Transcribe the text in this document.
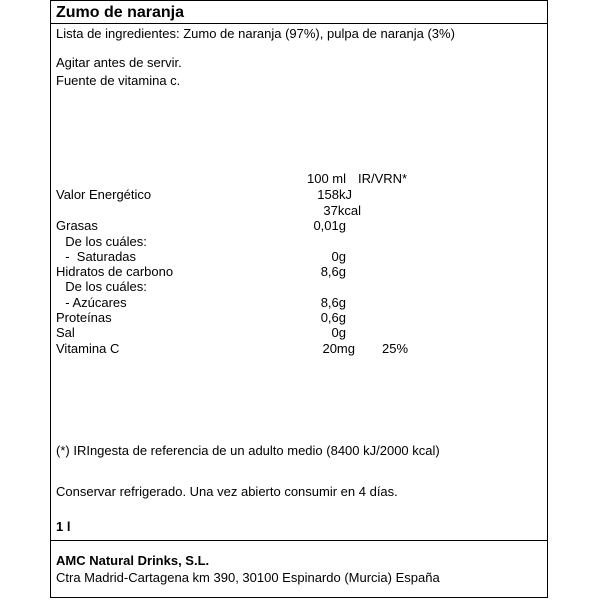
Zumo de naranja
Lista de ingredientes: Zumo de naranja (97%), pulpa de naranja (3%)
Agitar antes de servir.
Fuente de vitamina c.
100 ml IR/VRN*
Valor Energético	158kJ
37kcal
Grasas	0,01g
De los cuáles:
-  Saturadas	0g
Hidratos de carbono	8,6g
De los cuáles:
- Azúcares	8,6g
Proteínas	0,6g
Sal	0g
Vitamina C	20mg 25%
(*) IRIngesta de referencia de un adulto medio (8400 kJ/2000 kcal)
Conservar refrigerado. Una vez abierto consumir en 4 días.
1 l
AMC Natural Drinks, S.L.
Ctra Madrid-Cartagena km 390, 30100 Espinardo (Murcia) España
